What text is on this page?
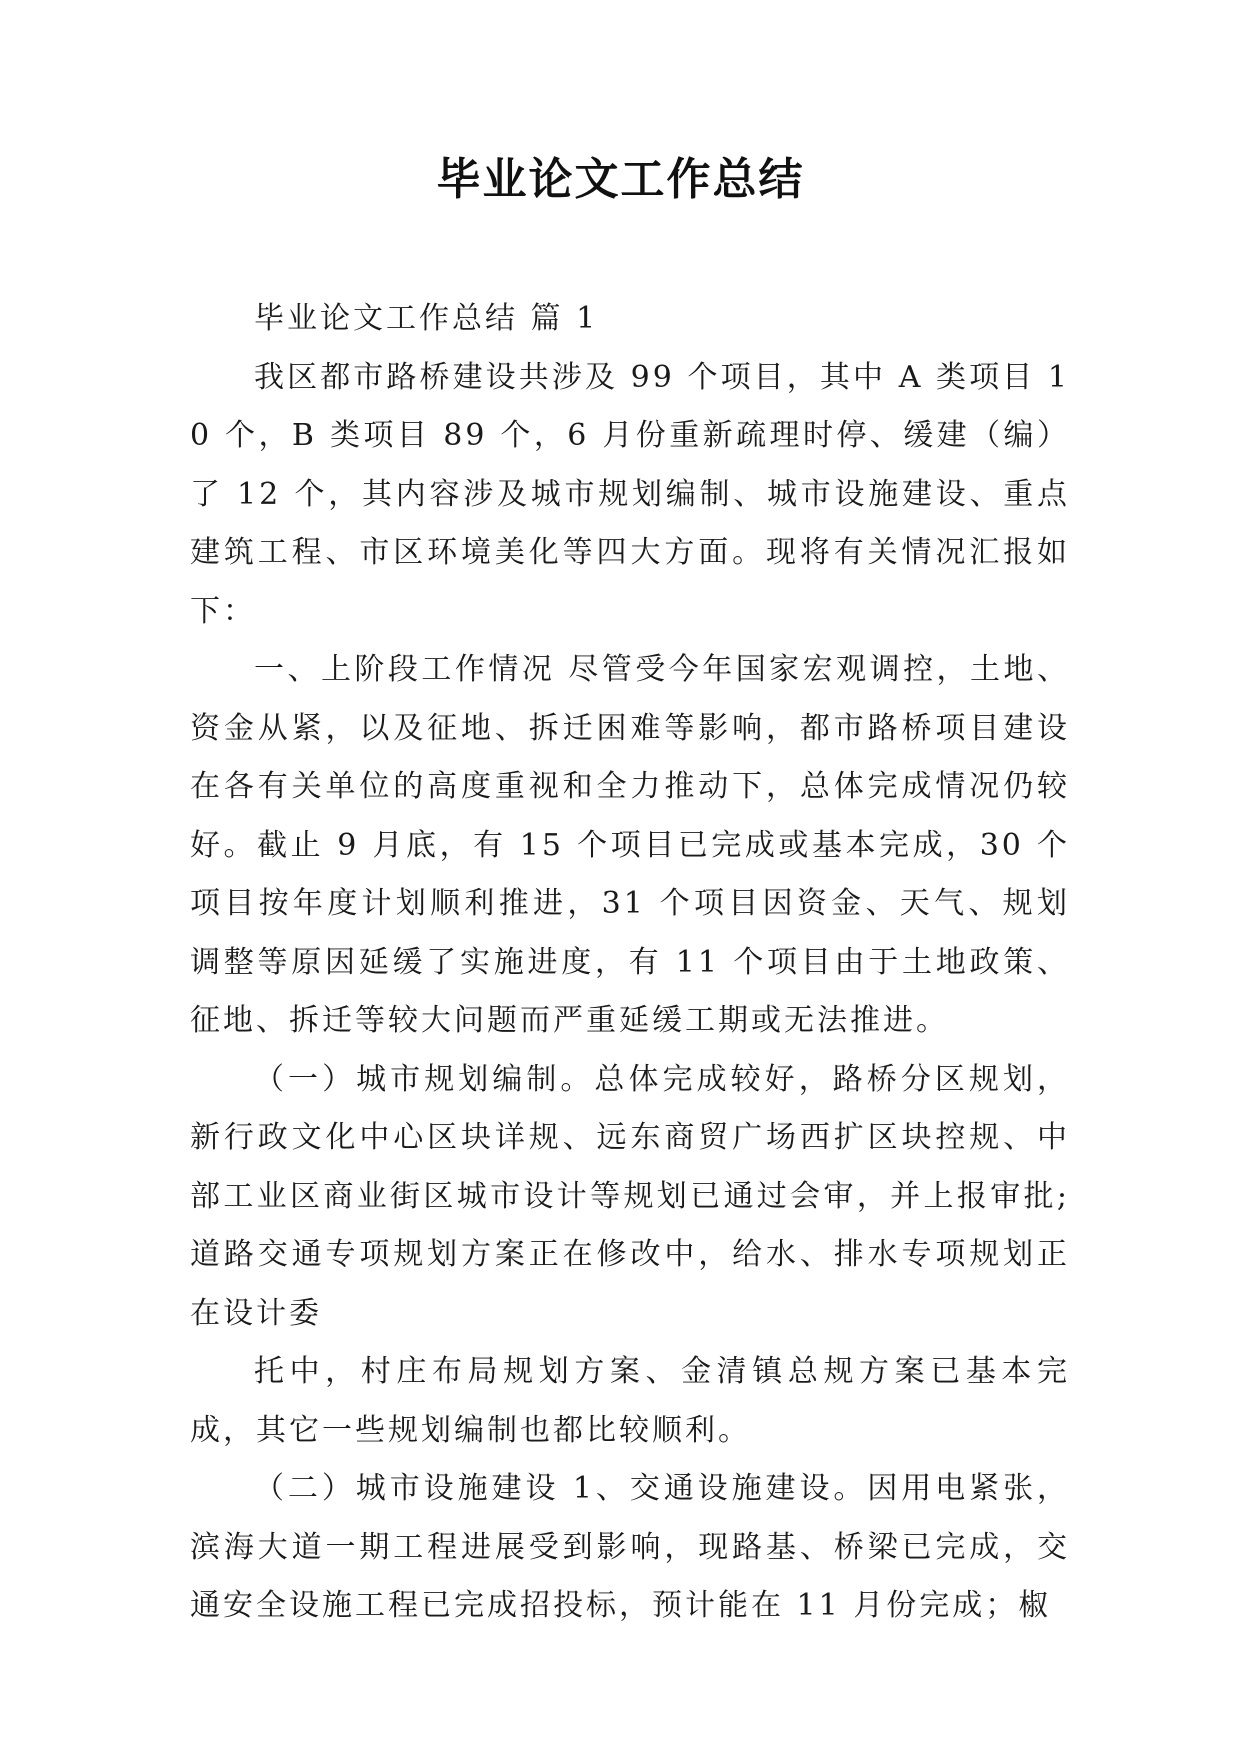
毕业论文工作总结

毕业论文工作总结 篇 1

我区都市路桥建设共涉及 99 个项目，其中 A 类项目 10 个，B 类项目 89 个，6 月份重新疏理时停、缓建（编）了 12 个，其内容涉及城市规划编制、城市设施建设、重点建筑工程、市区环境美化等四大方面。现将有关情况汇报如下：

一、上阶段工作情况 尽管受今年国家宏观调控，土地、资金从紧，以及征地、拆迁困难等影响，都市路桥项目建设在各有关单位的高度重视和全力推动下，总体完成情况仍较好。截止 9 月底，有 15 个项目已完成或基本完成，30 个项目按年度计划顺利推进，31 个项目因资金、天气、规划调整等原因延缓了实施进度，有 11 个项目由于土地政策、征地、拆迁等较大问题而严重延缓工期或无法推进。

（一）城市规划编制。总体完成较好，路桥分区规划，新行政文化中心区块详规、远东商贸广场西扩区块控规、中部工业区商业街区城市设计等规划已通过会审，并上报审批;道路交通专项规划方案正在修改中，给水、排水专项规划正在设计委

托中，村庄布局规划方案、金清镇总规方案已基本完成，其它一些规划编制也都比较顺利。

（二）城市设施建设 1、交通设施建设。因用电紧张，滨海大道一期工程进展受到影响，现路基、桥梁已完成，交通安全设施工程已完成招投标，预计能在 11 月份完成；椒
